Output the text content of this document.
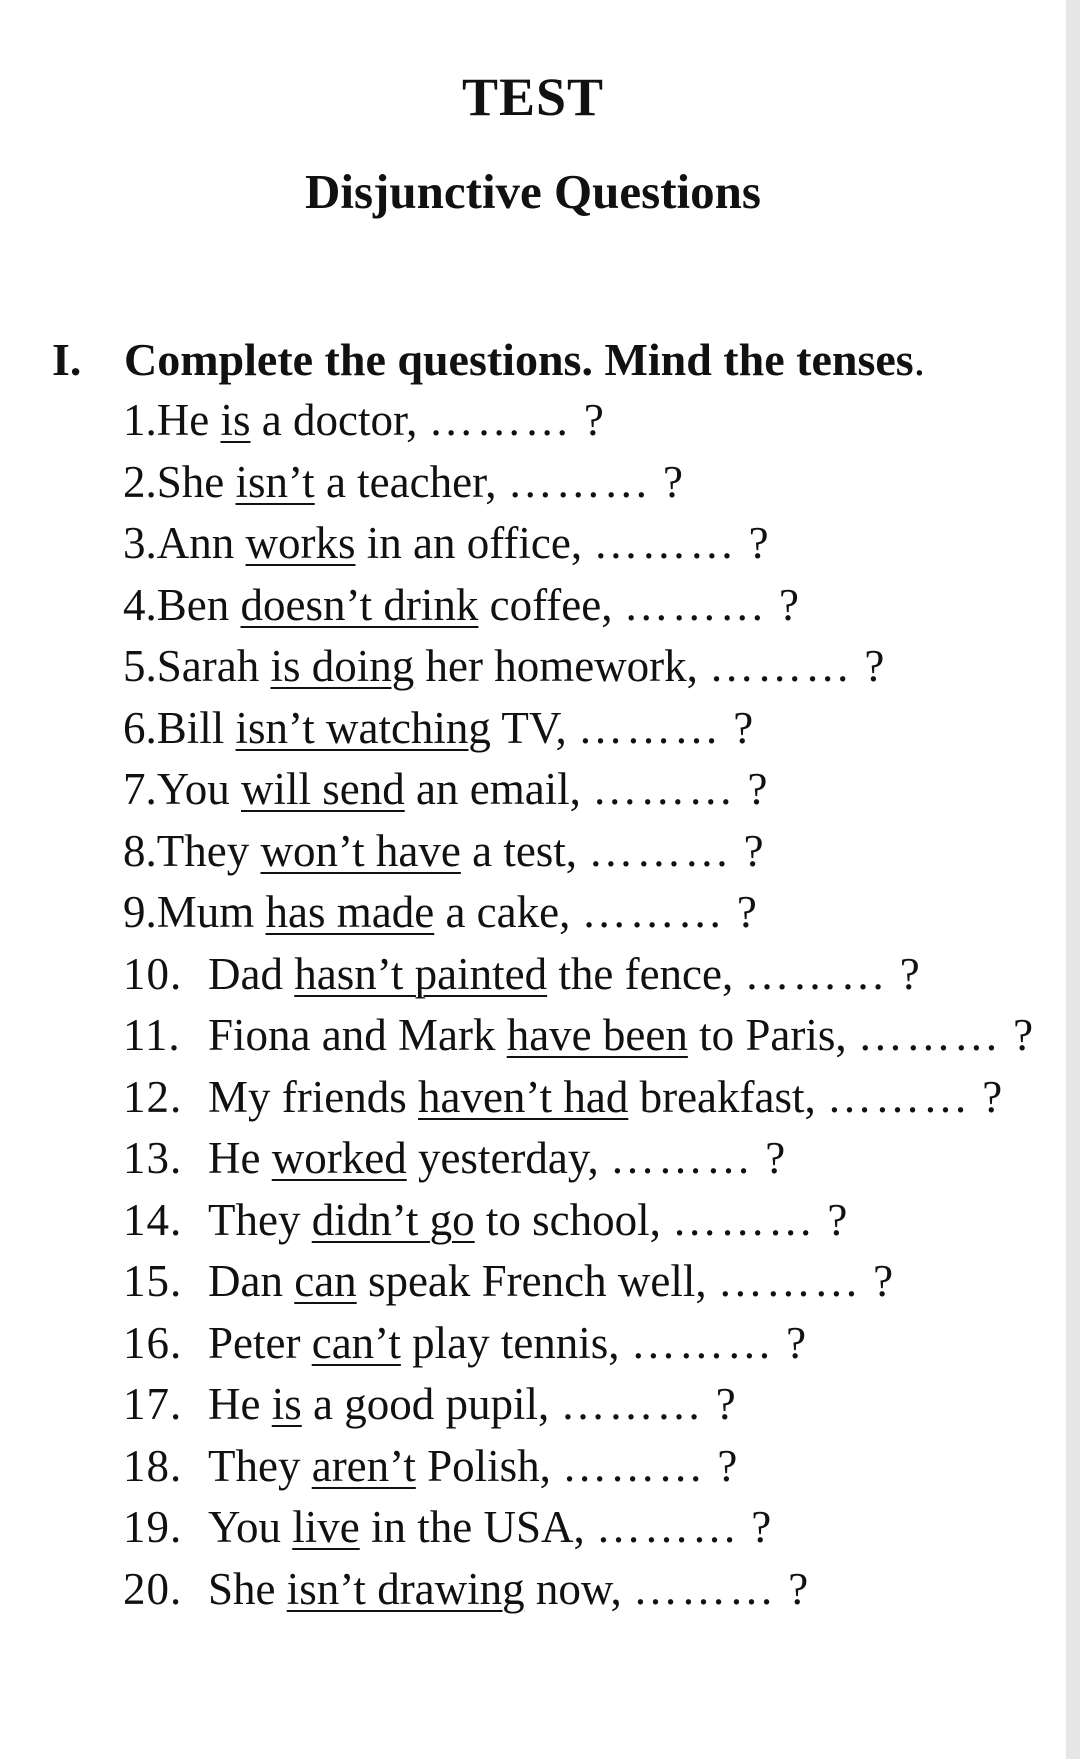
TEST
Disjunctive Questions
I. Complete the questions. Mind the tenses.
1.He is a doctor, ……… ?
2.She isn’t a teacher, ……… ?
3.Ann works in an office, ……… ?
4.Ben doesn’t drink coffee, ……… ?
5.Sarah is doing her homework, ……… ?
6.Bill isn’t watching TV, ……… ?
7.You will send an email, ……… ?
8.They won’t have a test, ……… ?
9.Mum has made a cake, ……… ?
10. Dad hasn’t painted the fence, ……… ?
11. Fiona and Mark have been to Paris, ……… ?
12. My friends haven’t had breakfast, ……… ?
13. He worked yesterday, ……… ?
14. They didn’t go to school, ……… ?
15. Dan can speak French well, ……… ?
16. Peter can’t play tennis, ……… ?
17. He is a good pupil, ……… ?
18. They aren’t Polish, ……… ?
19. You live in the USA, ……… ?
20. She isn’t drawing now, ……… ?
